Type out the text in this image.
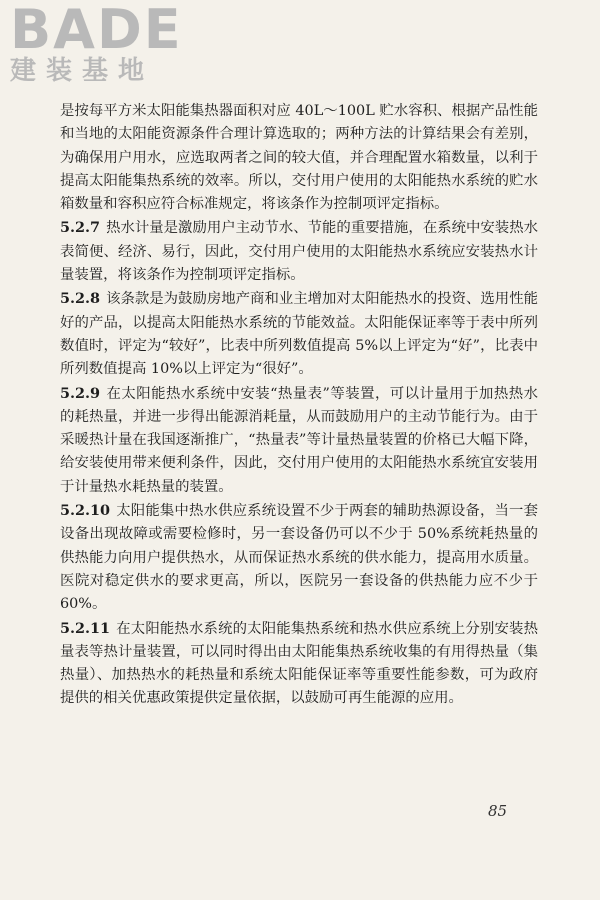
BADE
建装基地

是按每平方米太阳能集热器面积对应 40L～100L 贮水容积、根据产品性能和当地的太阳能资源条件合理计算选取的；两种方法的计算结果会有差别，为确保用户用水，应选取两者之间的较大值，并合理配置水箱数量，以利于提高太阳能集热系统的效率。所以，交付用户使用的太阳能热水系统的贮水箱数量和容积应符合标准规定，将该条作为控制项评定指标。

5.2.7 热水计量是激励用户主动节水、节能的重要措施，在系统中安装热水表简便、经济、易行，因此，交付用户使用的太阳能热水系统应安装热水计量装置，将该条作为控制项评定指标。

5.2.8 该条款是为鼓励房地产商和业主增加对太阳能热水的投资、选用性能好的产品，以提高太阳能热水系统的节能效益。太阳能保证率等于表中所列数值时，评定为“较好”，比表中所列数值提高 5%以上评定为“好”，比表中所列数值提高 10%以上评定为“很好”。

5.2.9 在太阳能热水系统中安装“热量表”等装置，可以计量用于加热热水的耗热量，并进一步得出能源消耗量，从而鼓励用户的主动节能行为。由于采暖热计量在我国逐渐推广，“热量表”等计量热量装置的价格已大幅下降，给安装使用带来便利条件，因此，交付用户使用的太阳能热水系统宜安装用于计量热水耗热量的装置。

5.2.10 太阳能集中热水供应系统设置不少于两套的辅助热源设备，当一套设备出现故障或需要检修时，另一套设备仍可以不少于 50%系统耗热量的供热能力向用户提供热水，从而保证热水系统的供水能力，提高用水质量。医院对稳定供水的要求更高，所以，医院另一套设备的供热能力应不少于 60%。

5.2.11 在太阳能热水系统的太阳能集热系统和热水供应系统上分别安装热量表等热计量装置，可以同时得出由太阳能集热系统收集的有用得热量（集热量）、加热热水的耗热量和系统太阳能保证率等重要性能参数，可为政府提供的相关优惠政策提供定量依据，以鼓励可再生能源的应用。

85
